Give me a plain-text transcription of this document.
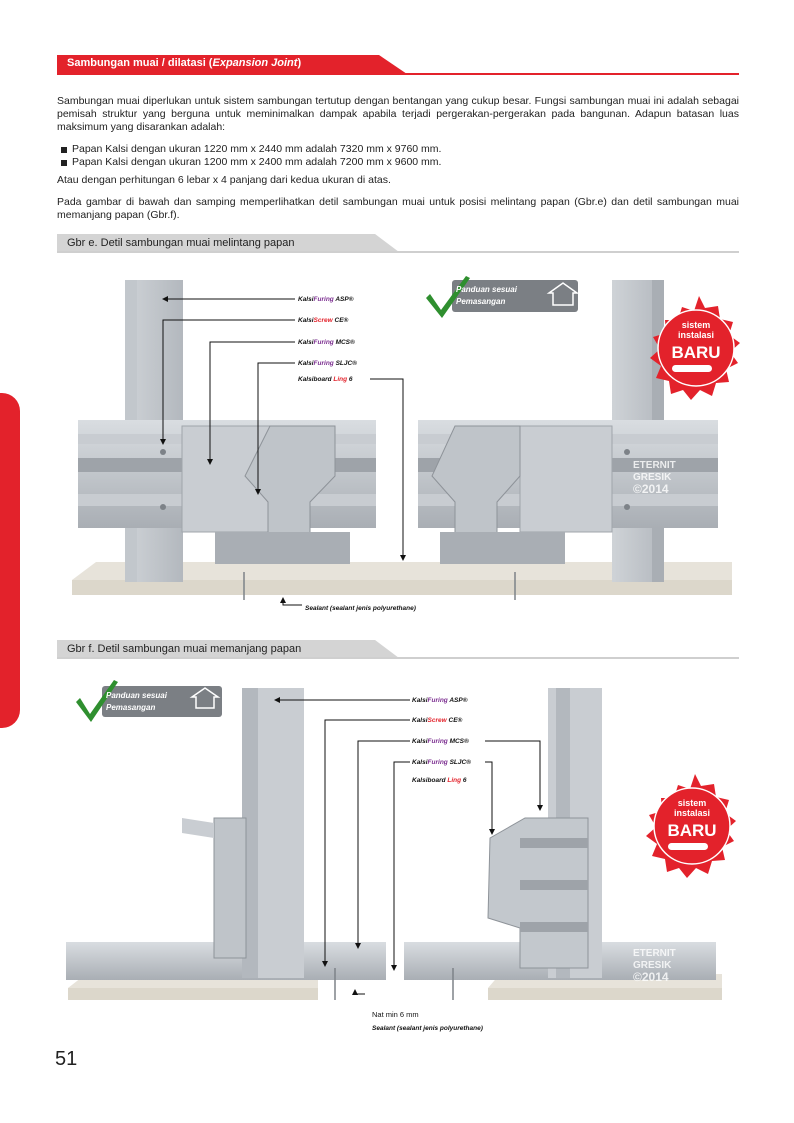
Sambungan muai / dilatasi (Expansion Joint)

Sambungan muai diperlukan untuk sistem sambungan tertutup dengan bentangan yang cukup besar. Fungsi sambungan muai ini adalah sebagai pemisah struktur yang berguna untuk meminimalkan dampak apabila terjadi pergerakan-pergerakan pada bangunan. Adapun batasan luas maksimum yang disarankan adalah:

Papan Kalsi dengan ukuran 1220 mm x 2440 mm adalah 7320 mm x 9760 mm.
Papan Kalsi dengan ukuran 1200 mm x 2400 mm adalah 7200 mm x 9600 mm.

Atau dengan perhitungan 6 lebar x 4 panjang dari kedua ukuran di atas.

Pada gambar di bawah dan samping memperlihatkan detil sambungan muai untuk posisi melintang papan (Gbr.e) dan detil sambungan muai memanjang papan (Gbr.f).

Gbr e. Detil sambungan muai melintang papan
KalsiFuring ASP®
KalsiScrew CE®
KalsiFuring MCS®
KalsiFuring SLJC®
Kalsiboard Ling 6
Sealant (sealant jenis polyurethane)
Panduan sesuai
Pemasangan
sistem
instalasi
BARU
ETERNIT
GRESIK
©2014
Gbr f. Detil sambungan muai memanjang papan
KalsiFuring ASP®
KalsiScrew CE®
KalsiFuring MCS®
KalsiFuring SLJC®
Kalsiboard Ling 6
Nat min 6 mm
Sealant (sealant jenis polyurethane)
Panduan sesuai
Pemasangan
sistem
instalasi
BARU
ETERNIT
GRESIK
©2014
51
